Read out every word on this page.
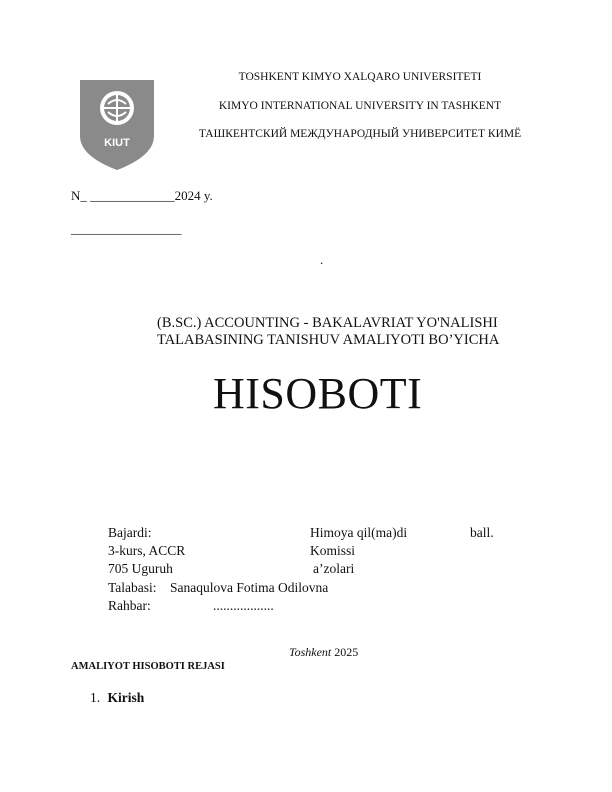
KIUT
TOSHKENT KIMYO XALQARO UNIVERSITETI
KIMYO INTERNATIONAL UNIVERSITY IN TASHKENT
ТАШКЕНТСКИЙ МЕЖДУНАРОДНЫЙ УНИВЕРСИТЕТ КИМЁ
N_ _____________2024 y.
_________________
.
(B.SC.) ACCOUNTING - BAKALAVRIAT YO'NALISHI
TALABASINING TANISHUV AMALIYOTI BO’YICHA
HISOBOTI
Bajardi:
3-kurs, ACCR
705 Uguruh
Talabasi: Sanaqulova Fotima Odilovna
Rahbar:	..................
Himoya qil(ma)di	ball.
Komissi
a’zolari
Toshkent 2025
AMALIYOT HISOBOTI REJASI
1. Kirish
